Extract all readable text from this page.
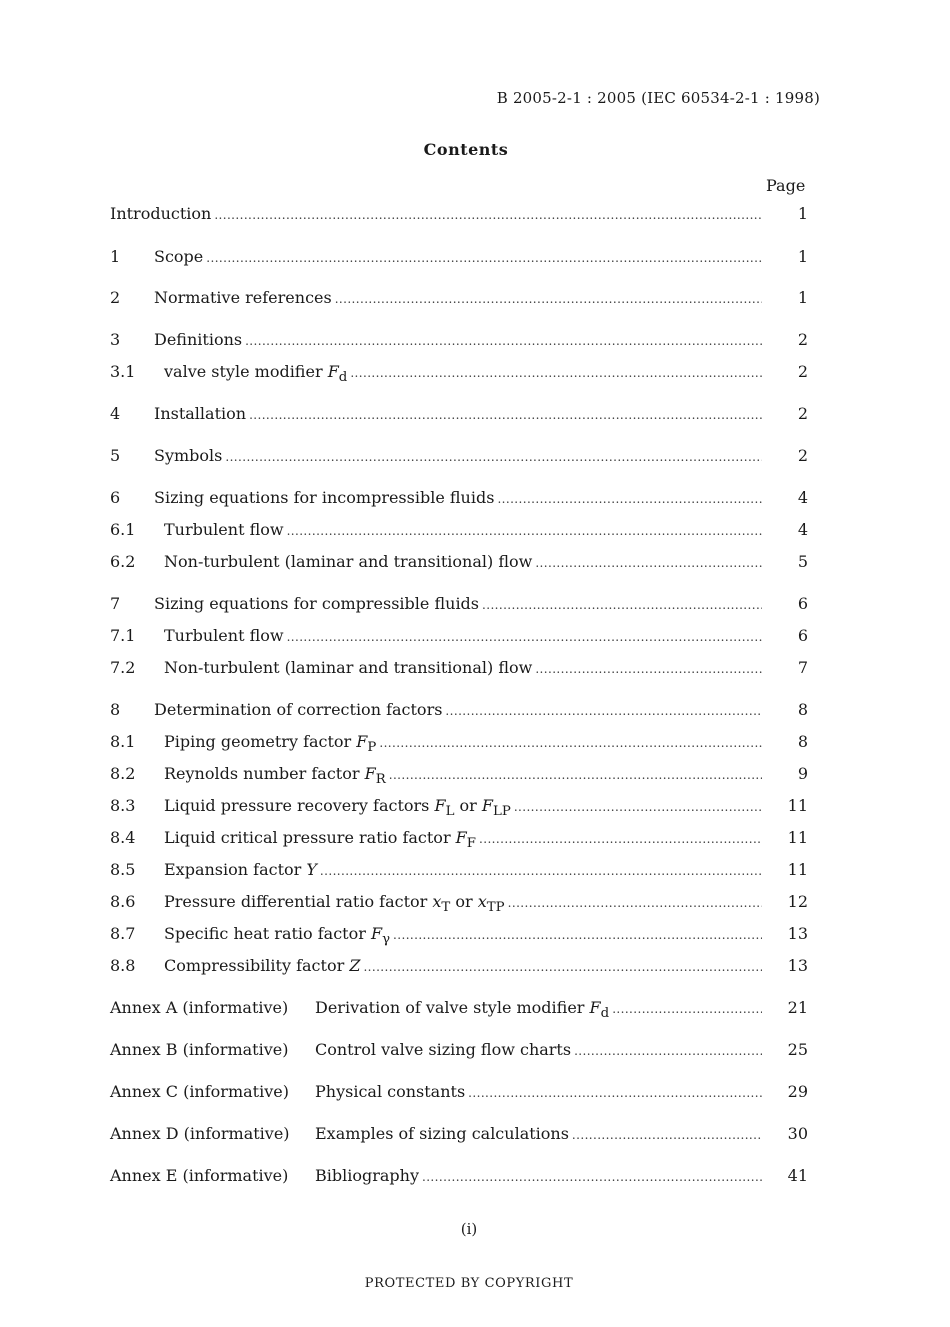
B 2005-2-1 : 2005 (IEC 60534-2-1 : 1998)
Contents
Page
Introduction .....	1
1	Scope .....	1
2	Normative references .....	1
3	Definitions .....	2
3.1	valve style modifier $F_d$ .....	2
4	Installation .....	2
5	Symbols .....	2
6	Sizing equations for incompressible fluids .....	4
6.1	Turbulent flow .....	4
6.2	Non-turbulent (laminar and transitional) flow .....	5
7	Sizing equations for compressible fluids .....	6
7.1	Turbulent flow .....	6
7.2	Non-turbulent (laminar and transitional) flow .....	7
8	Determination of correction factors .....	8
8.1	Piping geometry factor $F_P$ .....	8
8.2	Reynolds number factor $F_R$ .....	9
8.3	Liquid pressure recovery factors $F_L$ or $F_{LP}$ .....	11
8.4	Liquid critical pressure ratio factor $F_F$ .....	11
8.5	Expansion factor Y .....	11
8.6	Pressure differential ratio factor $x_T$ or $x_{TP}$ .....	12
8.7	Specific heat ratio factor $F_\gamma$ .....	13
8.8	Compressibility factor Z .....	13
Annex A (informative)	Derivation of valve style modifier $F_d$ .....	21
Annex B (informative)	Control valve sizing flow charts .....	25
Annex C (informative)	Physical constants .....	29
Annex D (informative)	Examples of sizing calculations .....	30
Annex E (informative)	Bibliography .....	41
(i)
PROTECTED BY COPYRIGHT
